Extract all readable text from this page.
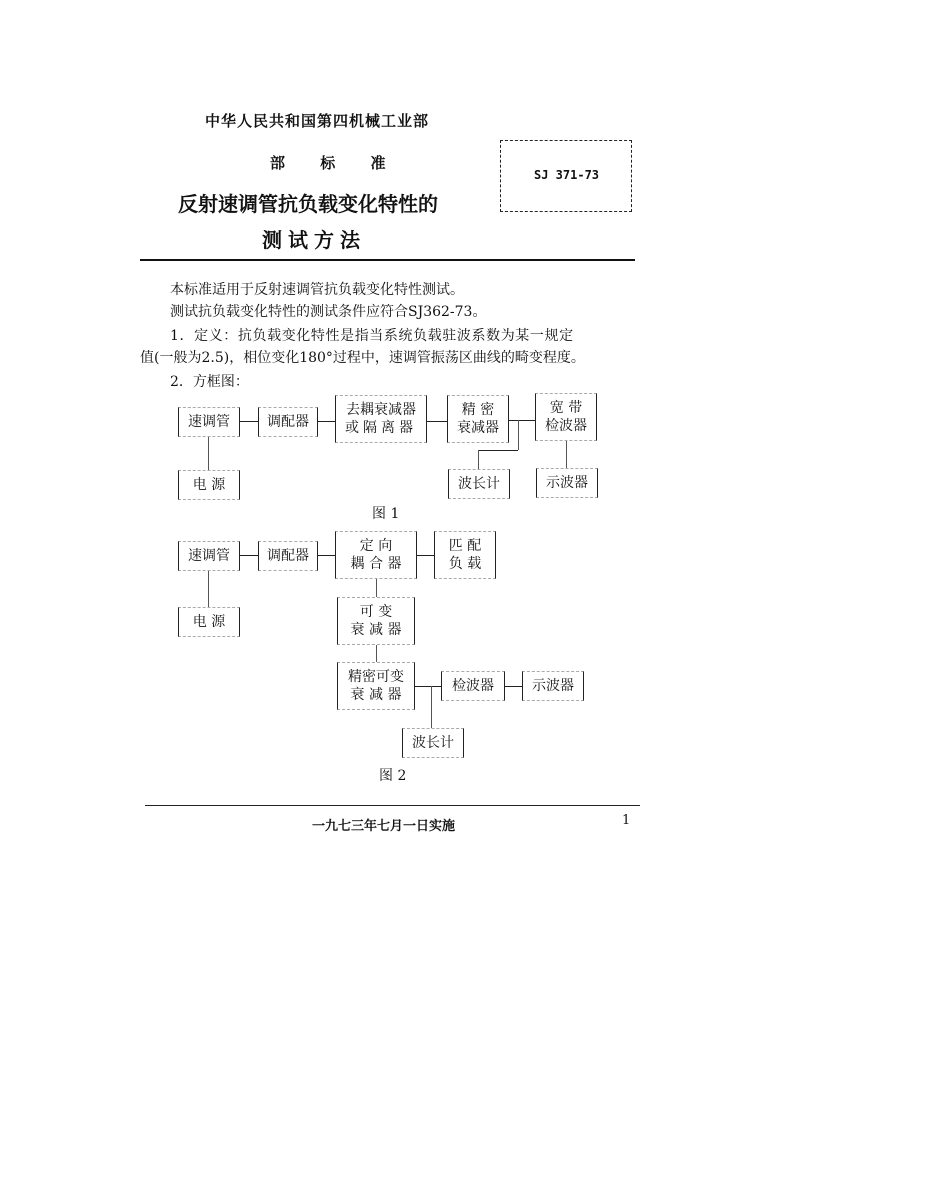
中华人民共和国第四机械工业部
部 标 准
反射速调管抗负载变化特性的
测试方法
SJ 371-73
本标准适用于反射速调管抗负载变化特性测试。
测试抗负载变化特性的测试条件应符合SJ362-73。
1．定义：抗负载变化特性是指当系统负载驻波系数为某一规定
值(一般为2.5)，相位变化180°过程中，速调管振荡区曲线的畸变程度。
2．方框图：
速调管	调配器
去耦衰减器
或隔离器
精 密
衰减器
宽 带
检波器
电 源	波长计	示波器
图 1
速调管	调配器
定 向
耦 合 器
匹 配
负 载
电 源
可 变
衰 减 器
精密可变
衰 减 器
检波器	示波器
波长计
图 2
一九七三年七月一日实施	1
